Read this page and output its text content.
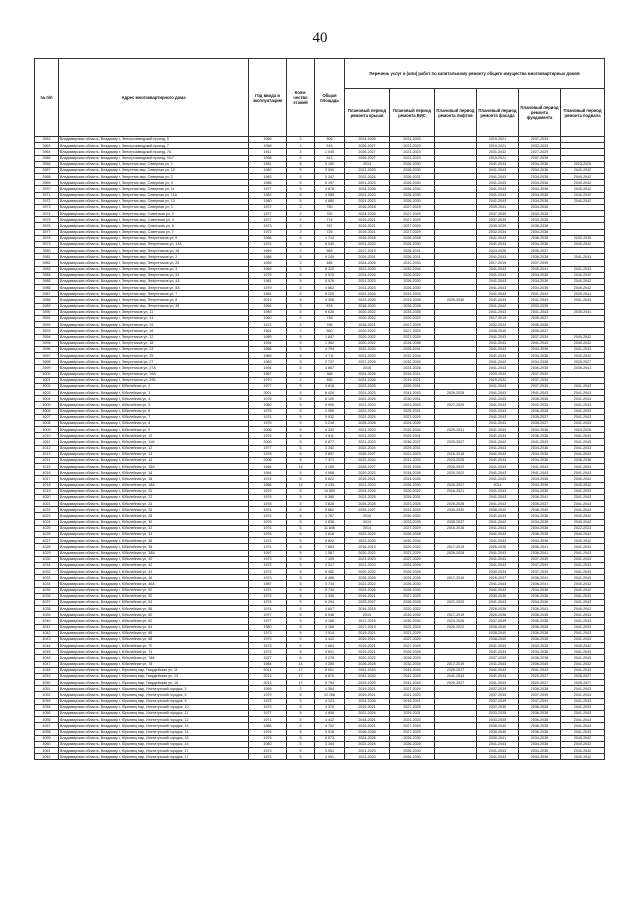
40
№ п/п	Адрес многоквартирного дома	Год ввода в эксплуатацию	Коли-чество этажей	Общая площадь	Перечень услуг и (или) работ по капитальному ремонту общего имущества многоквартирных домов					
					Плановый период ремонта крыши	Плановый период ремонта ВИС	Плановый период ремонта лифтов	Плановый период ремонта фасада	Плановый период ремонта фундамента	Плановый период ремонта подвала
3962	Владимирская область, Владимир г, Электрозаводский проезд, 5	1959	2	506	2024-2026	2031-2033		2019-2021	2037-2039	
3963	Владимирская область, Владимир г, Электрозаводский проезд, 7	1958	2	516	2026-2027	2021-2023		2019-2021	2032-2033	
3964	Владимирская область, Владимир г, Электрозаводский проезд, 7А	1911	3	1 045	2026-2027	2021-2023		2031-2032	2027-2029	
3965	Владимирская область, Владимир г, Электрозаводский проезд, 9/17	1958	2	513	2026-2027	2021-2023		2019-2021	2037-2039	
3966	Владимирская область, Владимир г, Энергетик мкр, Северная ул, 1	1981	5	5 182	2014	2026-2030		2041-2043	2034-2036	2023-2026
3967	Владимирская область, Владимир г, Энергетик мкр, Северная ул, 10	1982	5	3 090	2021-2023	2026-2030		2041-2043	2034-2036	2040-2042
3968	Владимирская область, Владимир г, Энергетик мкр, Северная ул, 2	1983	5	5 347	2022-2024	2026-2031		2041-2043	2034-2036	2040-2042
3969	Владимирская область, Владимир г, Энергетик мкр, Северная ул, 4	1985	5	6 197	2021-2023	2026-2030		2041-2043	2034-2036	2040-2042
3970	Владимирская область, Владимир г, Энергетик мкр, Северная ул, 11	1977	5	4 678	2024-2026	2026-2032		2041-2043	2034-2036	2040-2042
3971	Владимирская область, Владимир г, Энергетик мкр, Северная ул, 11А	1982	5	4 589	2021-2023	2026-2030		2041-2043	2034-2036	2040-2042
3972	Владимирская область, Владимир г, Энергетик мкр, Северная ул, 13	1980	5	4 880	2021-2023	2026-2030		2041-2043	2034-2036	2040-2042
3973	Владимирская область, Владимир г, Энергетик мкр, Северная ул, 1	1972	2	780	2016-2018	2027-2029		2039-2041	2034-2036	
3974	Владимирская область, Владимир г, Энергетик мкр, Советская ул, 3	1977	2	782	2024-2026	2027-2029		2037-2039	2033-2035	
3975	Владимирская область, Владимир г, Энергетик мкр, Советская ул, 4	1977	2	774	2019-2021	2027-2029		2037-2039	2033-2035	
3976	Владимирская область, Владимир г, Энергетик мкр, Советская ул, 6	1973	2	767	2019-2021	2027-2029		2039-2039	2036-2038	
3977	Владимирская область, Владимир г, Энергетик мкр, Советская ул, 7	1972	2	725	2019-2021	2027-2029		2032-2034	2034-2036	
3978	Владимирская область, Владимир г, Энергетик мкр, Энергетиков ул, 9	1986	3	1 713	2016-2018	2026-2028		2041-2043	2036-2038	2033-2035
3979	Владимирская область, Владимир г, Энергетик мкр, Энергетиков ул, 14А	1974	5	6 040	2021-2023	2028-2030		2041-2043	2034-2036	2040-2042
3980	Владимирская область, Владимир г, Энергетик мкр, Энергетиков ул, 16	1959	2	583	2017-2019	2026-2031		2024-2026	2035-2037	
3981	Владимирская область, Владимир г, Энергетик мкр, Энергетиков ул, 2	1988	5	9 249	2029-2031	2026-2031		2041-2043	2036-2038	2041-2043
3982	Владимирская область, Владимир г, Энергетик мкр, Энергетиков ул, 25	1959	2	485	2024-2026	2031-2033		2017-2019	2037-2039	
3983	Владимирская область, Владимир г, Энергетик мкр, Энергетиков ул, 3	1989	5	8 320	2023-2025	2032-2034		2041-2043	2039-2041	2041-2043
3984	Владимирская область, Владимир г, Энергетик мкр, Энергетиков ул, 34	1975	5	4 575	2024-2026	2020-2022		2041-2043	2034-2036	2040-2042
3985	Владимирская область, Владимир г, Энергетик мкр, Энергетиков ул, 4А	1981	5	5 576	2021-2023	2026-2030		2041-2043	2034-2036	2040-2042
3986	Владимирская область, Владимир г, Энергетик мкр, Энергетиков ул, 5А	1979	5	4 562	2021-2023	2026-2030		2041-2043	2034-2036	2040-2042
3987	Владимирская область, Владимир г, Энергетик мкр, Энергетиков ул, 7	1981	5	6 205	2022-2024	2031-2033		2041-2043	2041-2043	2039-2041
3988	Владимирская область, Владимир г, Энергетик мкр, Энергетиков ул, 8	2013	9	4 308	2023-2025	2033-2035	2039-2040	2041-2043	2041-2043	2041-2043
3989	Владимирская область, Владимир г, Энергетик мкр, Энергетиков ул, 35	1964	2	878	2018-2020	2026-2028		2041-2043	2033-2035	
3990	Владимирская область, Владимир г, Энергетиков ул, 11	1989	5	6 626	2020-2022	2033-2035		2041-2043	2041-2043	2039-2041
3991	Владимирская область, Владимир г, Энергетиков ул, 14	1960	2	746	2020-2022	2020-2022		2017-2019	2035-2037	
3992	Владимирская область, Владимир г, Энергетиков ул, 15	1972	2	756	2018-2021	2027-2029		2032-2034	2036-2038	
3993	Владимирская область, Владимир г, Энергетиков ул, 16	1961	2	850	2020-2022	2027-2029		2038-2040	2035-2037	
3994	Владимирская область, Владимир г, Энергетиков ул, 12	1989	5	1 847	2020-2022	2027-2029		2041-2043	2037-2039	2040-2042
3995	Владимирская область, Владимир г, Энергетиков ул, 18	1994	5	1 362	2020-2022	2034-2036		2041-2043	2041-2043	2040-2042
3996	Владимирская область, Владимир г, Энергетиков ул, 23	1986	5	4 794	2022-2024	2029-2031		2041-2043	2034-2036	2041-2043
3997	Владимирская область, Владимир г, Энергетиков ул, 25	1989	5	4 711	2021-2023	2032-2034		2041-2043	2034-2036	2040-2042
3998	Владимирская область, Владимир г, Энергетиков ул, 27	1983	5	2 737	2027-2029	2032-2034		2041-2043	2034-2036	2025-2027
3999	Владимирская область, Владимир г, Энергетиков ул, 27А	1994	5	4 867	2016	2024-2026		2041-2043	2036-2038	2039-2041
4000	Владимирская область, Владимир г, Энергетиков ул, 29А	1967	2	368	2024-2026	2019-2021		2029-2032	2037-2039	
4001	Владимирская область, Владимир г, Энергетиков ул, 29Б	1970	2	466	2024-2026	2019-2021		2029-2032	2037-2039	
4002	Владимирская область, Владимир г, Юбилейная ул, 2	1977	5	4 818	2023-2025	2029-2031		2041-2043	2037-2039	2041-2043
4003	Владимирская область, Владимир г, Юбилейная ул, 3	2001	5	6 426	2021-2023	2041-2043	2026-2028	2041-2043	2041-2043	2041-2043
4004	Владимирская область, Владимир г, Юбилейная ул, 4	1976	5	6 100	2022-2024	2030-2031		2041-2043	2036-2038	2041-2043
4005	Владимирская область, Владимир г, Юбилейная ул, 5	1980	5	5 990	2021-2023	2021-2023	2027-2029	2041-2043	2032-2035	2041-2043
4006	Владимирская область, Владимир г, Юбилейная ул, 6	1975	5	2 985	2022-2024	2029-2031		2041-2043	2036-2038	2041-2043
4007	Владимирская область, Владимир г, Юбилейная ул, 7	1974	5	5 932	2022-2024	2027-2029		2041-2043	2035-2037	2041-2043
4008	Владимирская область, Владимир г, Юбилейная ул, 8	1975	5	3 218	2026-2028	2024-2026		2041-2043	2035-2037	2041-2043
4009	Владимирская область, Владимир г, Юбилейная ул, 9	2006	9	6 332	2021-2023	2032-2034	2029-2031	2041-2043	2034-2036	2024-2026
4010	Владимирская область, Владимир г, Юбилейная ул, 10	1976	5	4 811	2021-2023	2029-2031		2041-2043	2036-2038	2041-2043
4011	Владимирская область, Владимир г, Юбилейная ул, 11А	2000	5	5 877	2021-2023	2036-2037	2025-2027	2041-2043	2041-2043	2041-2043
4012	Владимирская область, Владимир г, Юбилейная ул, 12	1977	5	3 342	2022-2024	2029-2031		2041-2043	2034-2036	2041-2043
4013	Владимирская область, Владимир г, Юбилейная ул, 13	1978	5	3 897	2025-2027	2021-2023	2016-2018	2041-2043	2034-2036	2041-2043
4014	Владимирская область, Владимир г, Юбилейная ул, 14	2008	5	7 371	2022-2024	2031-2033	2023-2025	2041-2043	2034-2036	2036-2038
4015	Владимирская область, Владимир г, Юбилейная ул, 15А	1964	14	4 185	2025-2027	2032-2034	2020-2022	2041-2043	2041-2043	2041-2043
4016	Владимирская область, Владимир г, Юбилейная ул, 16	1994	5	4 068	2020-2022	2034-2036	2020-2022	2041-2043	2041-2043	2041-2043
4017	Владимирская область, Владимир г, Юбилейная ул, 18	1974	5	5 822	2019-2021	2024-2026		2041-2043	2034-2036	2040-2042
4018	Владимирская область, Владимир г, Юбилейная ул, 18А	1986	14	4 135	2021-2023	2026-2030	2026-2027	2014	2034-2036	2040-2042
4019	Владимирская область, Владимир г, Юбилейная ул, 20	1979	5	10 850	2024-2026	2020-2022	2018-2021	2041-2043	2034-2036	2041-2043
4020	Владимирская область, Владимир г, Юбилейная ул, 22	1978	5	6 368	2023-2025	2026-2031		2041-2043	2036-2041	2041-2043
4021	Владимирская область, Владимир г, Юбилейная ул, 24	1978	5	3 828	2026-2028	2023-2025	2026-2028	2041-2043	2035-2037	2041-2043
4022	Владимирская область, Владимир г, Юбилейная ул, 26	1974	5	9 662	2025-2027	2031-2033	2030-2032	2038-2040	2038-2040	2041-2043
4023	Владимирская область, Владимир г, Юбилейная ул, 28	1974	5	3 787	2015	2030-2032		2041-2043	2034-2036	2040-2042
4024	Владимирская область, Владимир г, Юбилейная ул, 30	1976	5	4 636	2014	2023-2035	2035-2037	2041-2043	2034-2036	2040-2042
4025	Владимирская область, Владимир г, Юбилейная ул, 32	1976	5	11 846	2014	2027-2029	2016-2018	2041-2043	2034-2036	2022-2023
4026	Владимирская область, Владимир г, Юбилейная ул, 34	1976	5	3 818	2022-2024	2026-2028		2041-2043	2036-2038	2040-2042
4027	Владимирская область, Владимир г, Юбилейная ул, 36	1974	5	5 822	2023-2025	2030-2032		2041-2043	2034-2036	2040-2042
4028	Владимирская область, Владимир г, Юбилейная ул, 38	1974	5	7 863	2016-2019	2020-2022	2017-2019	2026-2036	2036-2041	2041-2043
4029	Владимирская область, Владимир г, Юбилейная ул, 38А	1997	5	1 587	2020-2022	2027-2029	2026-2028	2041-2043	2036-2041	2041-2043
4030	Владимирская область, Владимир г, Юбилейная ул, 40	1973	5	7 109	2021-2023	2027-2029		2041-2043	2037-2039	2041-2043
4031	Владимирская область, Владимир г, Юбилейная ул, 42	1972	5	3 317	2021-2023	2024-2026		2041-2043	2037-2039	2041-2043
4032	Владимирская область, Владимир г, Юбилейная ул, 44	1973	5	6 482	2020-2022	2026-2028		2030-2034	2037-2039	2041-2043
4033	Владимирская область, Владимир г, Юбилейная ул, 46	1973	5	6 466	2025-2026	2024-2026	2017-2019	2026-2037	2036-2041	2041-2043
4034	Владимирская область, Владимир г, Юбилейная ул, 46А	1987	5	5 734	2022-2022	2026-2030		2041-2043	2036-2041	2040-2042
4035	Владимирская область, Владимир г, Юбилейная ул, 50	1974	5	5 734	2023-2025	2026-2030		2041-2043	2034-2036	2040-2042
4036	Владимирская область, Владимир г, Юбилейная ул, 52	1973	5	3 346	2016-2021	2027-2029		2030-2036	2036-2038	2041-2043
4037	Владимирская область, Владимир г, Юбилейная ул, 54	1974	5	6 294	2025-2027	2026-2028	2021-2023	2041-2043	2034-2036	2041-2043
4038	Владимирская область, Владимир г, Юбилейная ул, 56	1974	5	4 607	2016-2018	2020-2022		2026-2036	2036-2041	2040-2042
4039	Владимирская область, Владимир г, Юбилейная ул, 60	1977	5	6 048	2015	2030-2032	2017-2019	2026-2036	2036-2038	2041-2043
4040	Владимирская область, Владимир г, Юбилейная ул, 62	1977	5	4 166	2017-2019	2030-2032	2024-2026	2037-2039	2036-2038	2041-2043
4041	Владимирская область, Владимир г, Юбилейная ул, 64	1980	5	4 168	2017-2019	2022-2024	2020-2022	2038-2040	2036-2038	2041-2043
4042	Владимирская область, Владимир г, Юбилейная ул, 66	1973	5	3 514	2019-2021	2027-2029		2038-2040	2036-2038	2041-2043
4043	Владимирская область, Владимир г, Юбилейная ул, 68	1973	5	3 412	2019-2021	2027-2029		2038-2040	2036-2038	2041-2043
4044	Владимирская область, Владимир г, Юбилейная ул, 70	1973	5	2 664	2019-2021	2027-2029		2041-2043	2033-2035	2040-2042
4045	Владимирская область, Владимир г, Юбилейная ул, 74	1973	5	4 601	2019-2021	2026-2028		2041-2043	2034-2036	2041-2043
4046	Владимирская область, Владимир г, Юбилейная ул, 78А	1977	5	4 278	2020-2022	2026-2029		2037-2039	2036-2038	2041-2043
4047	Владимирская область, Владимир г, Юбилейная ул, 78	1984	14	4 280	2026-2028	2032-2034	2017-2019	2041-2043	2036-2040	2041-2042
4048	Владимирская область, Владимир г, Юрьевец мкр, Гвардейская ул, 11	2014	17	8 901	2041-2043	2041-2043	2025-2027	2041-2043	2041-2043	2041-2043
4049	Владимирская область, Владимир г, Юрьевец мкр, Гвардейская ул, 13	2013	17	8 676	2041-2043	2041-2043	2041-2043	2041-2043	2025-2027	2026-2027
4050	Владимирская область, Владимир г, Юрьевец мкр, Гвардейская ул, 15	2013	17	8 794	2023-2025	2041-2043	2025-2027	2041-2043	2025-2027	2025-2027
4051	Владимирская область, Владимир г, Юрьевец мкр, Институтский городок, 3	1959	2	4 364	2019-2021	2027-2029		2037-2039	2036-2038	2041-2043
4052	Владимирская область, Владимир г, Юрьевец мкр, Институтский городок, 4	1979	5	12 266	2019-2021	2021-2023		2037-2039	2037-2039	2041-2043
4053	Владимирская область, Владимир г, Юрьевец мкр, Институтский городок, 5	1972	5	4 123	2024-2026	2019-2021		2037-2039	2037-2039	2041-2043
4054	Владимирская область, Владимир г, Юрьевец мкр, Институтский городок, 10	1973	5	4 370	2019-2021	2027-2029		2037-2039	2036-2038	2041-2043
4055	Владимирская область, Владимир г, Юрьевец мкр, Институтский городок, 11	1977	5	4 608	2022-2024	2029-2031		2033-2035	2036-2038	2041-2043
4056	Владимирская область, Владимир г, Юрьевец мкр, Институтский городок, 12	1971	5	4 412	2018-2021	2021-2023		2033-2035	2036-2038	2041-2043
4057	Владимирская область, Владимир г, Юрьевец мкр, Институтский городок, 13	1985	5	4 702	2019-2021	2027-2029		2038-2040	2036-2038	2041-2043
4058	Владимирская область, Владимир г, Юрьевец мкр, Институтский городок, 14	1976	5	5 918	2026-2028	2027-2029		2038-2040	2036-2038	2041-2043
4059	Владимирская область, Владимир г, Юрьевец мкр, Институтский городок, 15	1976	5	5 573	2024-2026	2028-2030		2039-2041	2034-2036	2040-2042
4060	Владимирская область, Владимир г, Юрьевец мкр, Институтский городок, 16	1980	5	3 164	2022-2024	2026-2028		2041-2043	2034-2036	2040-2042
4061	Владимирская область, Владимир г, Юрьевец мкр, Институтский городок, 17	1973	5	3 051	2021-2023	2026-2030		2041-2043	2034-2036	2040-2042
4062	Владимирская область, Владимир г, Юрьевец мкр, Институтский городок, 17	1973	5	3 051	2021-2023	2026-2030		2041-2043	2034-2036	2040-2042
